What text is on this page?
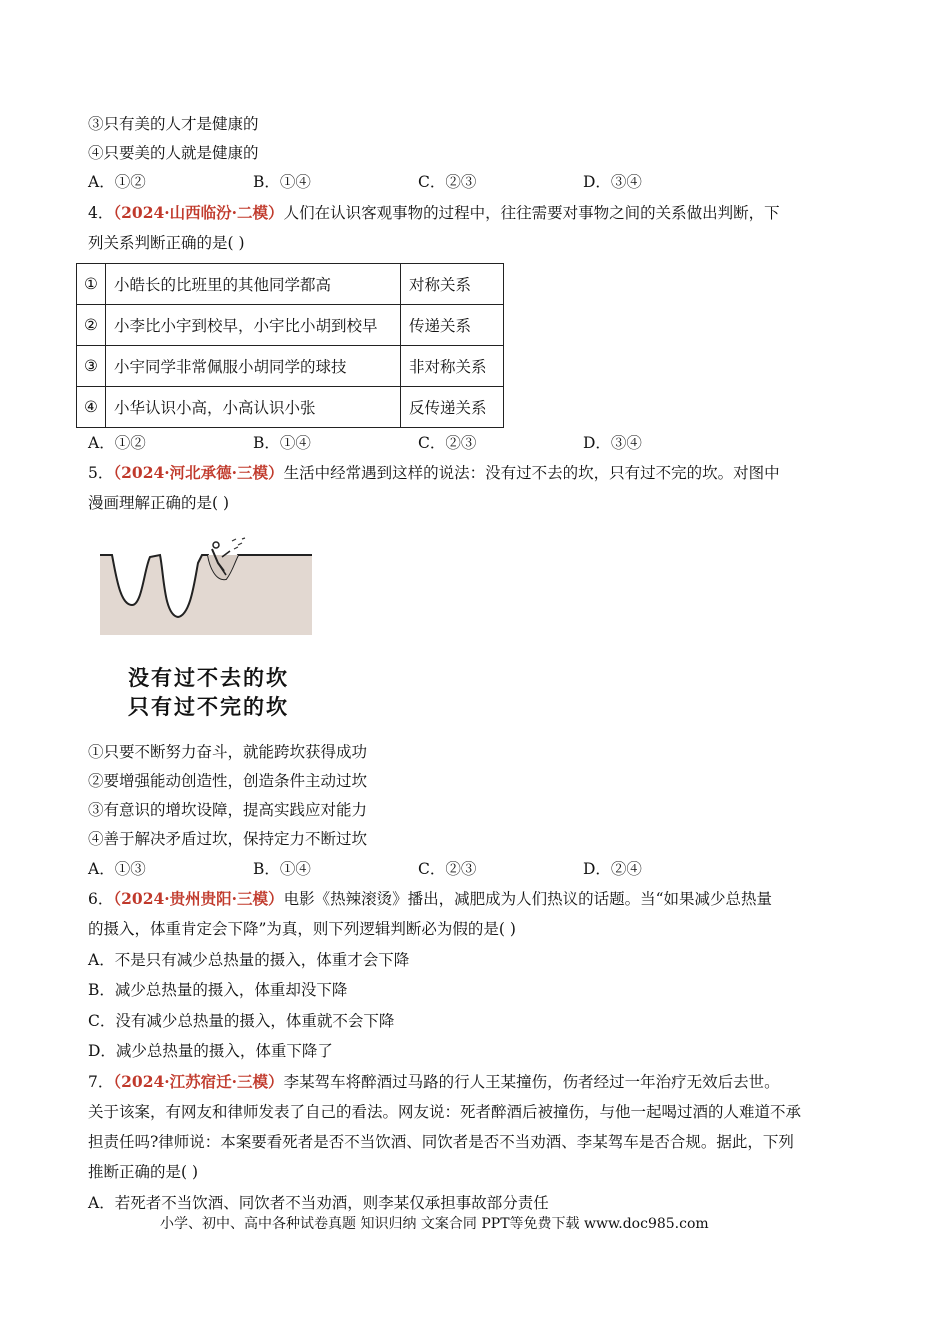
③只有美的人才是健康的
④只要美的人就是健康的
A．①②	B．①④	C．②③	D．③④
4．（2024·山西临汾·二模）人们在认识客观事物的过程中，往往需要对事物之间的关系做出判断，下
列关系判断正确的是( )
①	小皓长的比班里的其他同学都高	对称关系
②	小李比小宇到校早，小宇比小胡到校早	传递关系
③	小宇同学非常佩服小胡同学的球技	非对称关系
④	小华认识小高，小高认识小张	反传递关系
A．①②	B．①④	C．②③	D．③④
5．（2024·河北承德·三模）生活中经常遇到这样的说法：没有过不去的坎，只有过不完的坎。对图中
漫画理解正确的是( )
没有过不去的坎
只有过不完的坎
①只要不断努力奋斗，就能跨坎获得成功
②要增强能动创造性，创造条件主动过坎
③有意识的增坎设障，提高实践应对能力
④善于解决矛盾过坎，保持定力不断过坎
A．①③	B．①④	C．②③	D．②④
6．（2024·贵州贵阳·三模）电影《热辣滚烫》播出，减肥成为人们热议的话题。当“如果减少总热量
的摄入，体重肯定会下降”为真，则下列逻辑判断必为假的是( )
A．不是只有减少总热量的摄入，体重才会下降
B．减少总热量的摄入，体重却没下降
C．没有减少总热量的摄入，体重就不会下降
D．减少总热量的摄入，体重下降了
7．（2024·江苏宿迁·三模）李某驾车将醉酒过马路的行人王某撞伤，伤者经过一年治疗无效后去世。
关于该案，有网友和律师发表了自己的看法。网友说：死者醉酒后被撞伤，与他一起喝过酒的人难道不承
担责任吗?律师说：本案要看死者是否不当饮酒、同饮者是否不当劝酒、李某驾车是否合规。据此，下列
推断正确的是( )
A．若死者不当饮酒、同饮者不当劝酒，则李某仅承担事故部分责任
小学、初中、高中各种试卷真题 知识归纳 文案合同 PPT等免费下载 www.doc985.com
